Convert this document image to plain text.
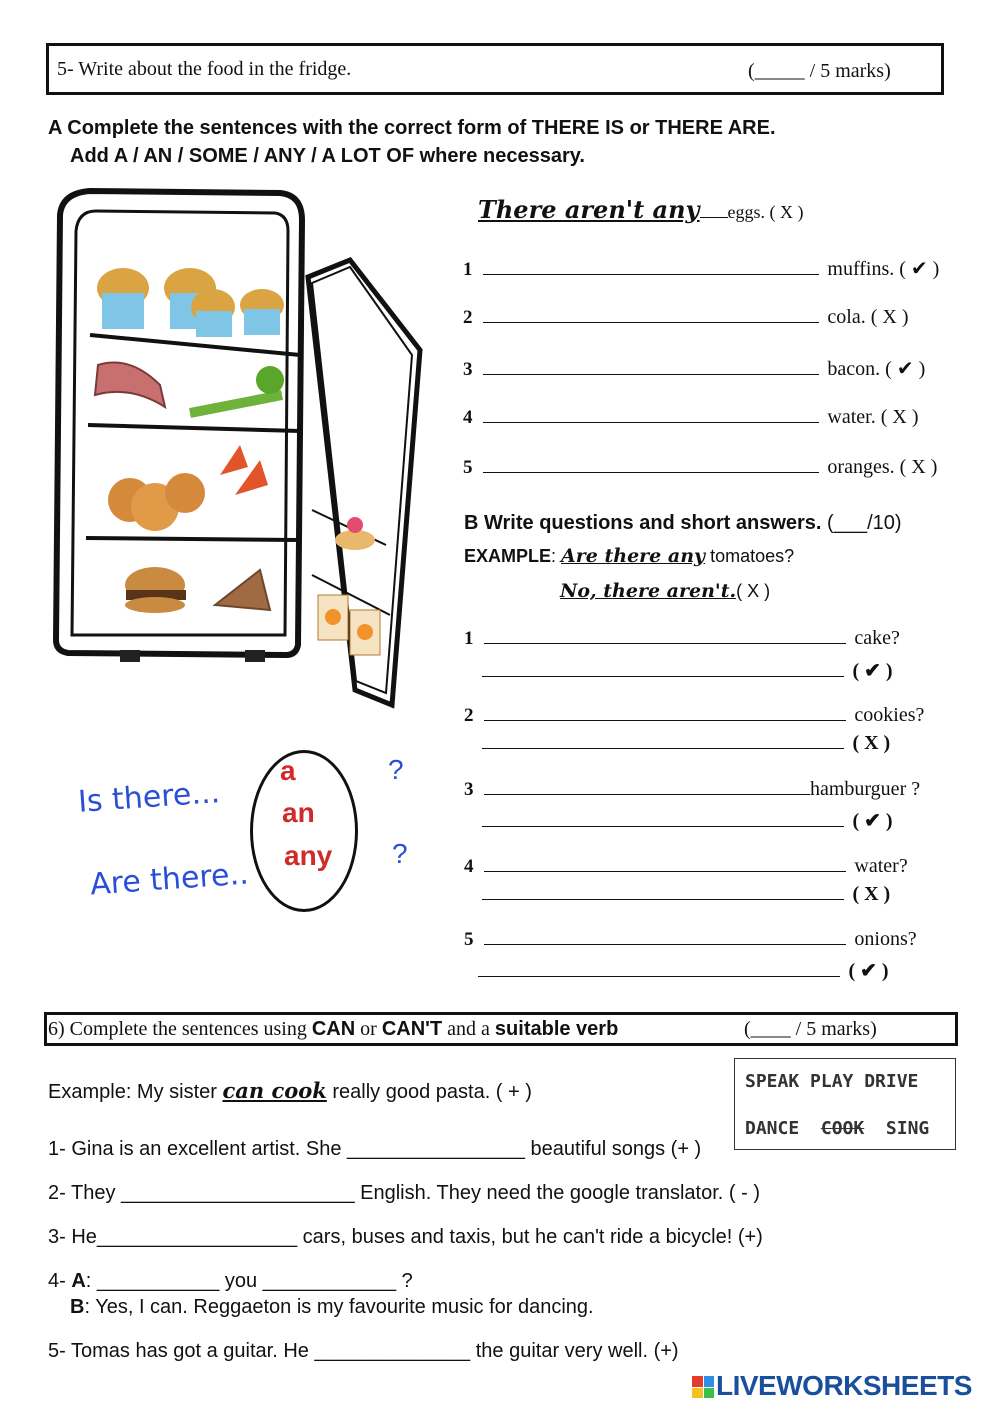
5- Write about the food in the fridge.	(_____ / 5 marks)
A Complete the sentences with the correct form of THERE IS or THERE ARE.
Add A / AN / SOME / ANY / A LOT OF where necessary.
Is there...
Are there..
a
an
any
?
?
There aren't any eggs. ( X )
1	muffins. ( ✔ )
2	cola. ( X )
3	bacon. ( ✔ )
4	water. ( X )
5	oranges. ( X )
B Write questions and short answers. (___/10)
EXAMPLE: Are there any tomatoes?
No, there aren't.( X )
1	cake?
( ✔ )
2	cookies?
( X )
3	hamburguer ?
( ✔ )
4	water?
( X )
5	onions?
( ✔ )
6) Complete the sentences using CAN or CAN'T and a suitable verb	(____ / 5 marks)
SPEAK PLAY DRIVE
DANCE  COOK  SING
Example: My sister can cook really good pasta. ( + )
1- Gina is an excellent artist. She ________________ beautiful songs (+ )
2- They _____________________ English. They need the google translator. ( - )
3- He__________________ cars, buses and taxis, but he can't ride a bicycle! (+)
4- A: ___________ you ____________ ?
B: Yes, I can. Reggaeton is my favourite music for dancing.
5- Tomas has got a guitar. He ______________ the guitar very well. (+)
LIVEWORKSHEETS
